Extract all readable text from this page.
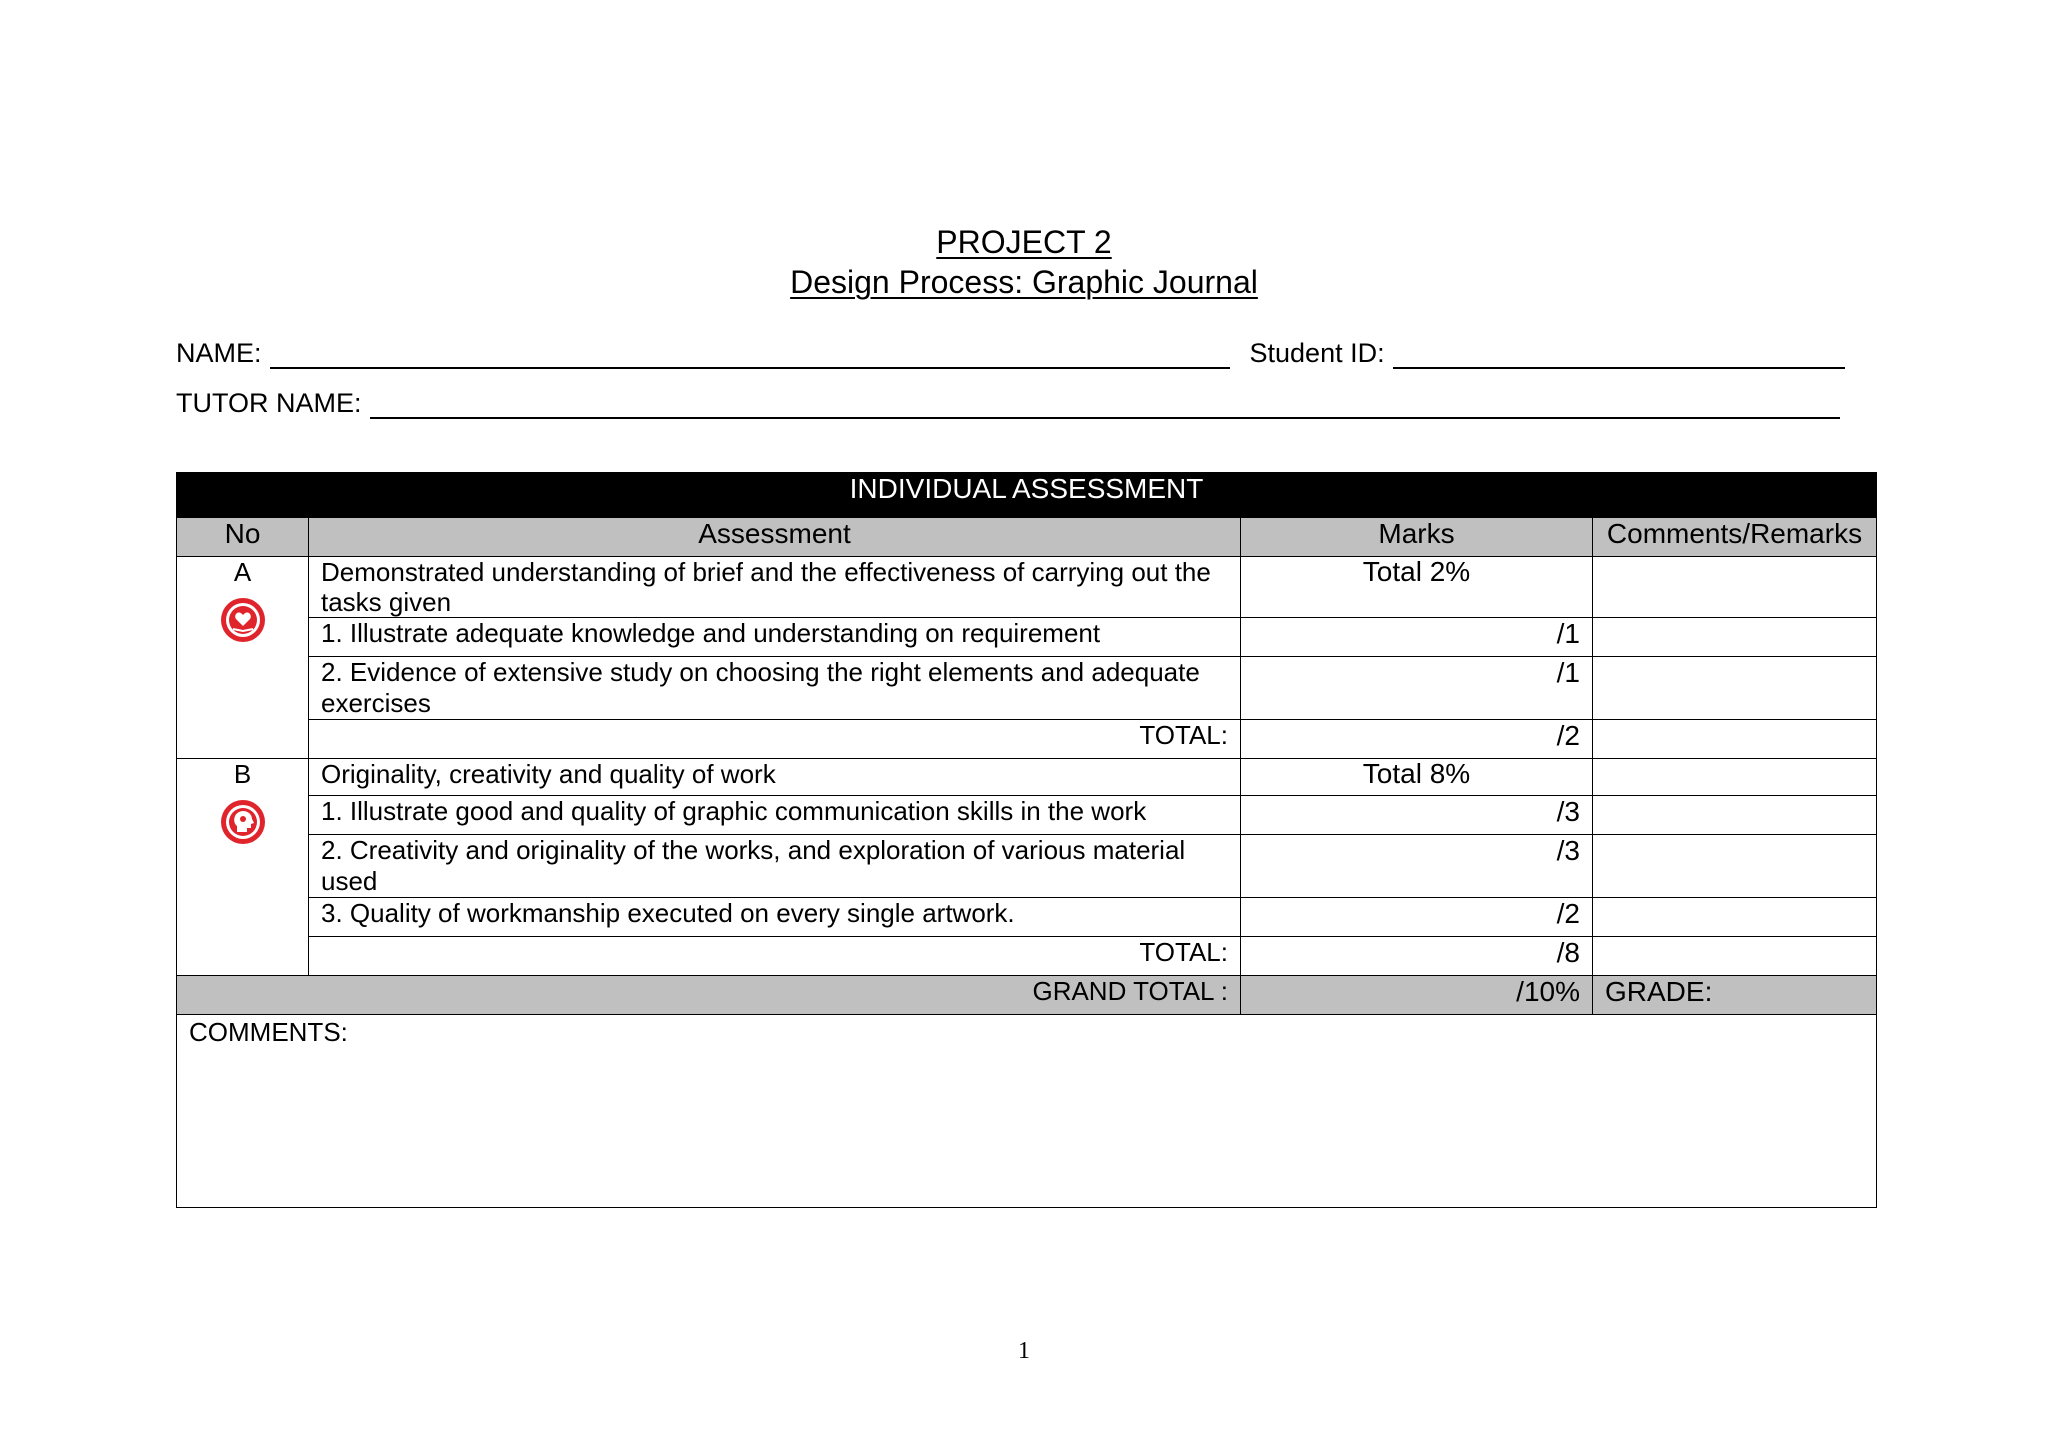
PROJECT 2
Design Process: Graphic Journal
NAME:	Student ID:
TUTOR NAME:
INDIVIDUAL ASSESSMENT			
No	Assessment	Marks	Comments/Remarks

A	Demonstrated understanding of brief and the effectiveness of carrying out the tasks given	Total 2%	
	1. Illustrate adequate knowledge and understanding on requirement	/1	
	2. Evidence of extensive study on choosing the right elements and adequate exercises	/1	
	TOTAL:	/2	

B	Originality, creativity and quality of work	Total 8%	
	1. Illustrate good and quality of graphic communication skills in the work	/3	
	2. Creativity and originality of the works, and exploration of various material used	/3	
	3. Quality of workmanship executed on every single artwork.	/2	
	TOTAL:	/8	
GRAND TOTAL :		/10%	GRADE:
COMMENTS:			
1
